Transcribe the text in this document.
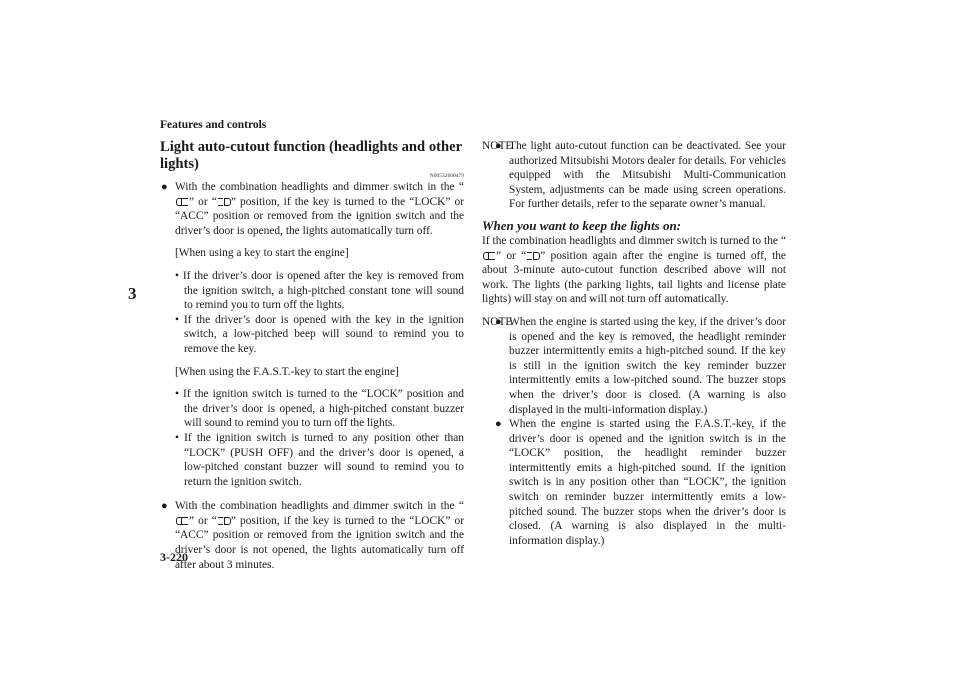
Features and controls
3
3-220

Light auto-cutout function (headlights and other lights)

N00532600479

● With the combination headlights and dimmer switch in the “” or “ ” position, if the key is turned to the “LOCK” or “ACC” position or removed from the ignition switch and the driver’s door is opened, the lights automatically turn off.

[When using a key to start the engine]

• If the driver’s door is opened after the key is removed from the ignition switch, a high-pitched constant tone will sound to remind you to turn off the lights.

• If the driver’s door is opened with the key in the ignition switch, a low-pitched beep will sound to remind you to remove the key.

[When using the F.A.S.T.-key to start the engine]

• If the ignition switch is turned to the “LOCK” position and the driver’s door is opened, a high-pitched constant buzzer will sound to remind you to turn off the lights.

• If the ignition switch is turned to any position other than “LOCK” (PUSH OFF) and the driver’s door is opened, a low-pitched constant buzzer will sound to remind you to return the ignition switch.

● With the combination headlights and dimmer switch in the “” or “ ” position, if the key is turned to the “LOCK” or “ACC” position or removed from the ignition switch and the driver’s door is not opened, the lights automatically turn off after about 3 minutes.

NOTE

● The light auto-cutout function can be deactivated. See your authorized Mitsubishi Motors dealer for details. For vehicles equipped with the Mitsubishi Multi-Communication System, adjustments can be made using screen operations. For further details, refer to the separate owner’s manual.

When you want to keep the lights on:

If the combination headlights and dimmer switch is turned to the “” or “ ” position again after the engine is turned off, the about 3-minute auto-cutout function described above will not work. The lights (the parking lights, tail lights and license plate lights) will stay on and will not turn off automatically.

NOTE

● When the engine is started using the key, if the driver’s door is opened and the key is removed, the headlight reminder buzzer intermittently emits a high-pitched sound. If the key is still in the ignition switch the key reminder buzzer intermittently emits a low-pitched sound. The buzzer stops when the driver’s door is closed. (A warning is also displayed in the multi-information display.)

● When the engine is started using the F.A.S.T.-key, if the driver’s door is opened and the ignition switch is in the “LOCK” position, the headlight reminder buzzer intermittently emits a high-pitched sound. If the ignition switch is in any position other than “LOCK”, the ignition switch on reminder buzzer intermittently emits a low-pitched sound. The buzzer stops when the driver’s door is closed. (A warning is also displayed in the multi-information display.)
